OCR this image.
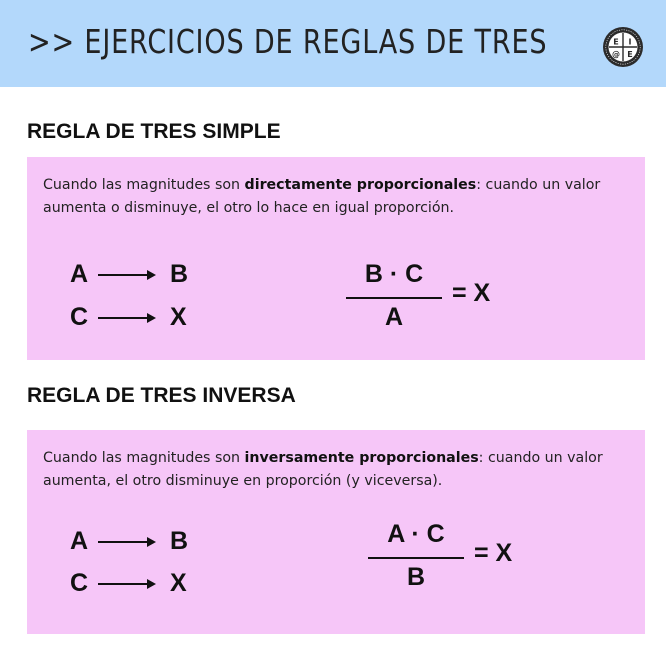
>> EJERCICIOS DE REGLAS DE TRES	E I
@ E
REGLA DE TRES SIMPLE
Cuando las magnitudes son directamente proporcionales: cuando un valor aumenta o disminuye, el otro lo hace en igual proporción.
A	B
C	X
B · C
A
= X
REGLA DE TRES INVERSA
Cuando las magnitudes son inversamente proporcionales: cuando un valor aumenta, el otro disminuye en proporción (y viceversa).
A	B
C	X
A · C
B
= X
